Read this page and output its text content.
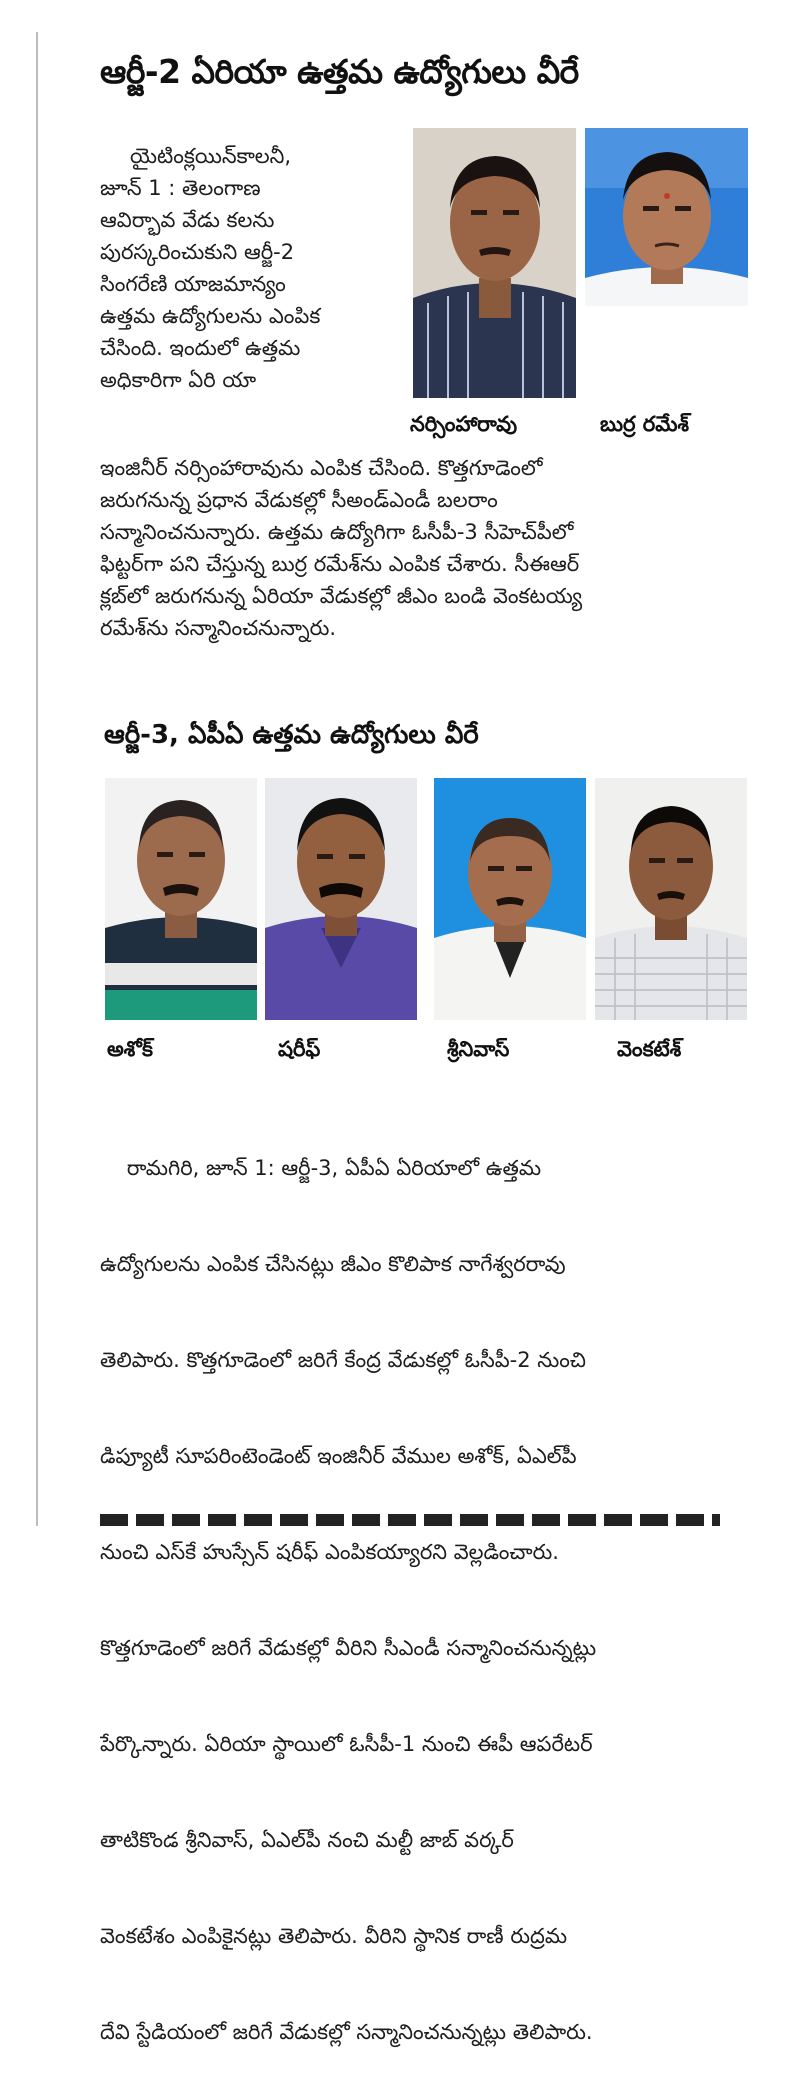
ఆర్జీ-2 ఏరియా ఉత్తమ ఉద్యోగులు వీరే
యైటింక్లయిన్‌కాలనీ,
జూన్ 1 : తెలంగాణ
ఆవిర్భావ వేడు కలను
పురస్కరించుకుని ఆర్జీ-2
సింగరేణి యాజమాన్యం
ఉత్తమ ఉద్యోగులను ఎంపిక
చేసింది. ఇందులో ఉత్తమ
అధికారిగా ఏరి యా
నర్సింహారావు	బుర్ర రమేశ్
ఇంజినీర్ నర్సింహారావును ఎంపిక చేసింది. కొత్తగూడెంలో
జరుగనున్న ప్రధాన వేడుకల్లో సీఅండ్ఎండీ బలరాం
సన్మానించనున్నారు. ఉత్తమ ఉద్యోగిగా ఓసీపీ-3 సీహెచ్‌పీలో
ఫిట్టర్‌గా పని చేస్తున్న బుర్ర రమేశ్‌ను ఎంపిక చేశారు. సీఈఆర్
క్లబ్‌లో జరుగనున్న ఏరియా వేడుకల్లో జీఎం బండి వెంకటయ్య
రమేశ్‌ను సన్మానించనున్నారు.
ఆర్జీ-3, ఏపీఏ ఉత్తమ ఉద్యోగులు వీరే
అశోక్	షరీఫ్	శ్రీనివాస్	వెంకటేశ్

రామగిరి, జూన్ 1: ఆర్జీ-3, ఏపీఏ ఏరియాలో ఉత్తమ

ఉద్యోగులను ఎంపిక చేసినట్లు జీఎం కొలిపాక నాగేశ్వరరావు

తెలిపారు. కొత్తగూడెంలో జరిగే కేంద్ర వేడుకల్లో ఓసీపీ-2 నుంచి

డిప్యూటీ సూపరింటెండెంట్ ఇంజినీర్ వేముల అశోక్, ఏఎల్‌పీ

నుంచి ఎస్‌కే హుస్సేన్ షరీఫ్ ఎంపికయ్యారని వెల్లడించారు.

కొత్తగూడెంలో జరిగే వేడుకల్లో వీరిని సీఎండీ సన్మానించనున్నట్లు

పేర్కొన్నారు. ఏరియా స్థాయిలో ఓసీపీ-1 నుంచి ఈపీ ఆపరేటర్

తాటికొండ శ్రీనివాస్, ఏఎల్‌పీ నంచి మల్టీ జాబ్ వర్కర్

వెంకటేశం ఎంపికైనట్లు తెలిపారు. వీరిని స్థానిక రాణీ రుద్రమ

దేవి స్టేడియంలో జరిగే వేడుకల్లో సన్మానించనున్నట్లు తెలిపారు.
